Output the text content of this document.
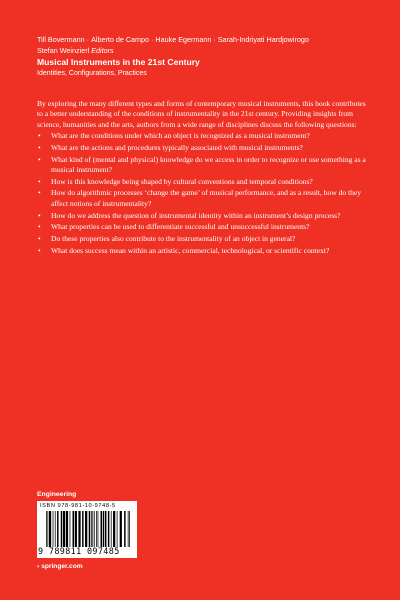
Till Bovermann · Alberto de Campo · Hauke Egermann · Sarah-Indriyati Hardjowirogo
Stefan Weinzierl Editors
Musical Instruments in the 21st Century
Identities, Configurations, Practices

By exploring the many different types and forms of contemporary musical instruments, this book contributes to a better understanding of the conditions of instrumentality in the 21st century. Providing insights from science, humanities and the arts, authors from a wide range of disciplines discuss the following questions:

• What are the conditions under which an object is recognized as a musical instrument?
• What are the actions and procedures typically associated with musical instruments?
• What kind of (mental and physical) knowledge do we access in order to recognize or use something as a musical instrument?
• How is this knowledge being shaped by cultural conventions and temporal conditions?
• How do algorithmic processes ‘change the game’ of musical performance, and as a result, how do they affect notions of instrumentality?
• How do we address the question of instrumental identity within an instrument’s design process?
• What properties can be used to differentiate successful and unsuccessful instruments?
• Do these properties also contribute to the instrumentality of an object in general?
• What does success mean within an artistic, commercial, technological, or scientific context?
Engineering
ISBN 978-981-10-9748-5
9 789811 097485
› springer.com
